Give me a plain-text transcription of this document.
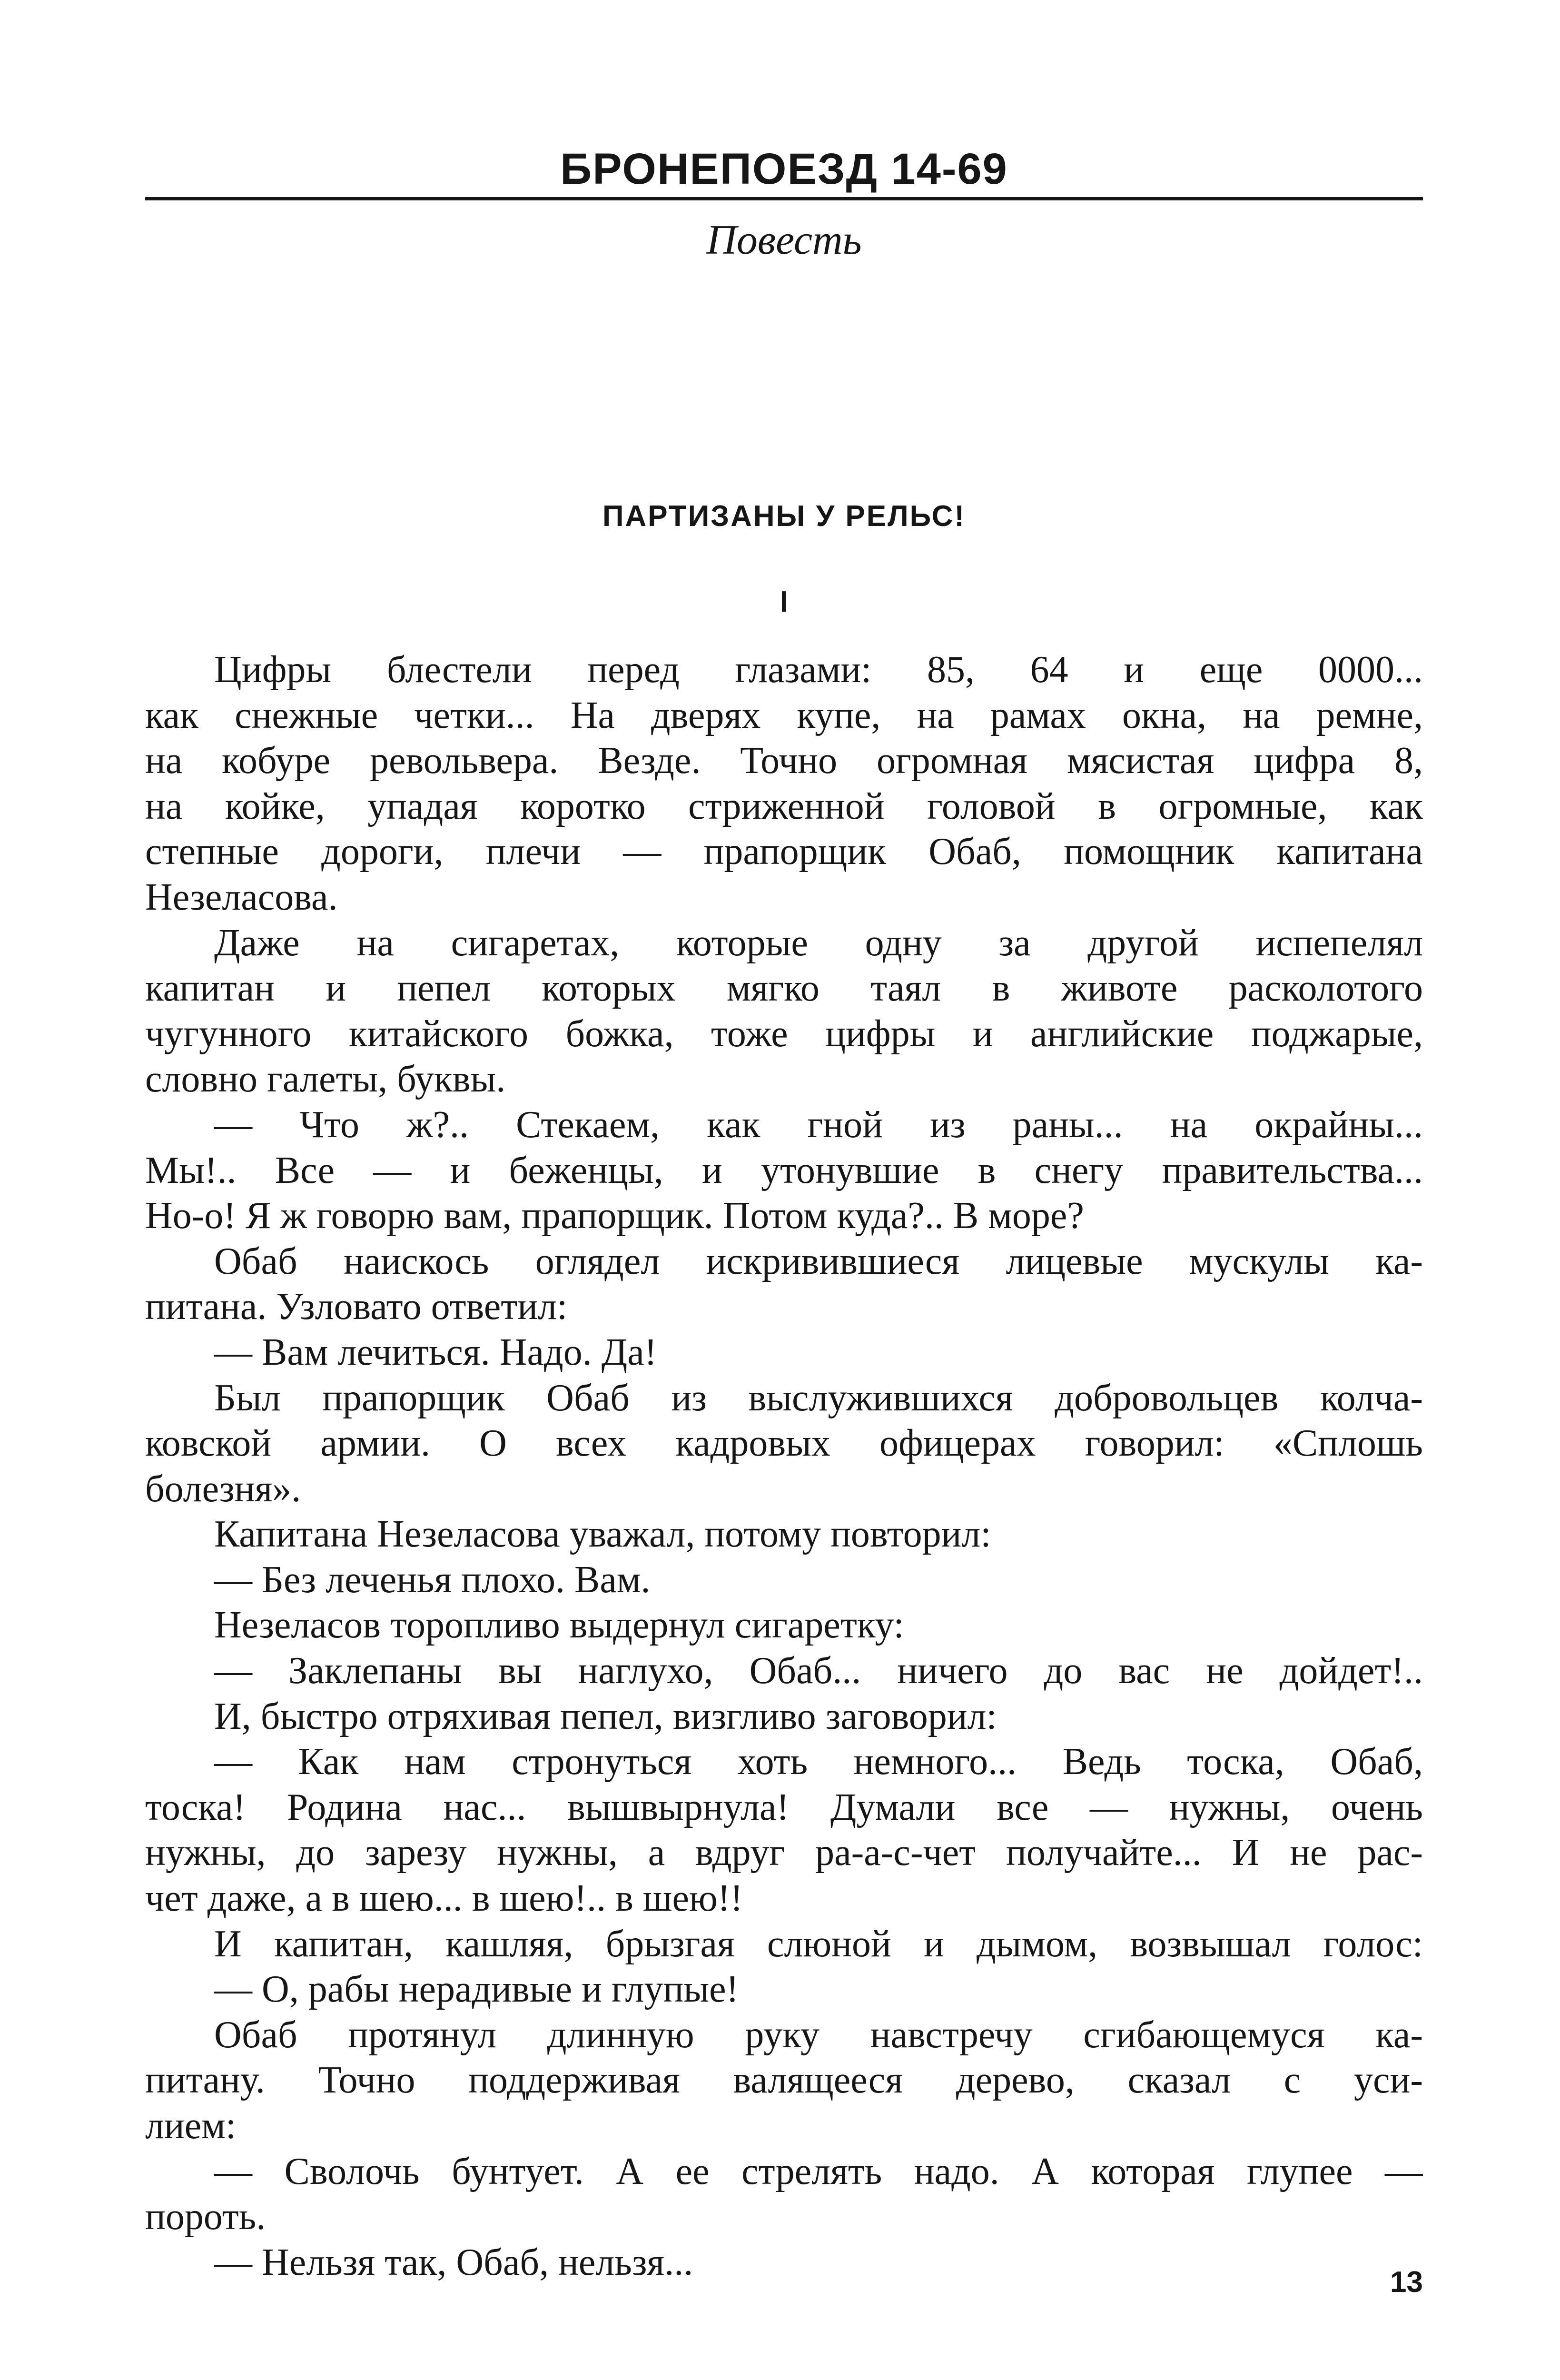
БРОНЕПОЕЗД 14-69
Повесть
ПАРТИЗАНЫ У РЕЛЬС!
I
Цифры блестели перед глазами: 85, 64 и еще 0000...
как снежные четки... На дверях купе, на рамах окна, на ремне,
на кобуре револьвера. Везде. Точно огромная мясистая цифра 8,
на койке, упадая коротко стриженной головой в огромные, как
степные дороги, плечи — прапорщик Обаб, помощник капитана
Незеласова.
Даже на сигаретах, которые одну за другой испепелял
капитан и пепел которых мягко таял в животе расколотого
чугунного китайского божка, тоже цифры и английские поджарые,
словно галеты, буквы.
— Что ж?.. Стекаем, как гной из раны... на окрайны...
Мы!.. Все — и беженцы, и утонувшие в снегу правительства...
Но-о! Я ж говорю вам, прапорщик. Потом куда?.. В море?
Обаб наискось оглядел искривившиеся лицевые мускулы ка-
питана. Узловато ответил:
— Вам лечиться. Надо. Да!
Был прапорщик Обаб из выслужившихся добровольцев колча-
ковской армии. О всех кадровых офицерах говорил: «Сплошь
болезня».
Капитана Незеласова уважал, потому повторил:
— Без леченья плохо. Вам.
Незеласов торопливо выдернул сигаретку:
— Заклепаны вы наглухо, Обаб... ничего до вас не дойдет!..
И, быстро отряхивая пепел, визгливо заговорил:
— Как нам стронуться хоть немного... Ведь тоска, Обаб,
тоска! Родина нас... вышвырнула! Думали все — нужны, очень
нужны, до зарезу нужны, а вдруг ра-а-с-чет получайте... И не рас-
чет даже, а в шею... в шею!.. в шею!!
И капитан, кашляя, брызгая слюной и дымом, возвышал голос:
— О, рабы нерадивые и глупые!
Обаб протянул длинную руку навстречу сгибающемуся ка-
питану. Точно поддерживая валящееся дерево, сказал с уси-
лием:
— Сволочь бунтует. А ее стрелять надо. А которая глупее —
пороть.
— Нельзя так, Обаб, нельзя...	13
